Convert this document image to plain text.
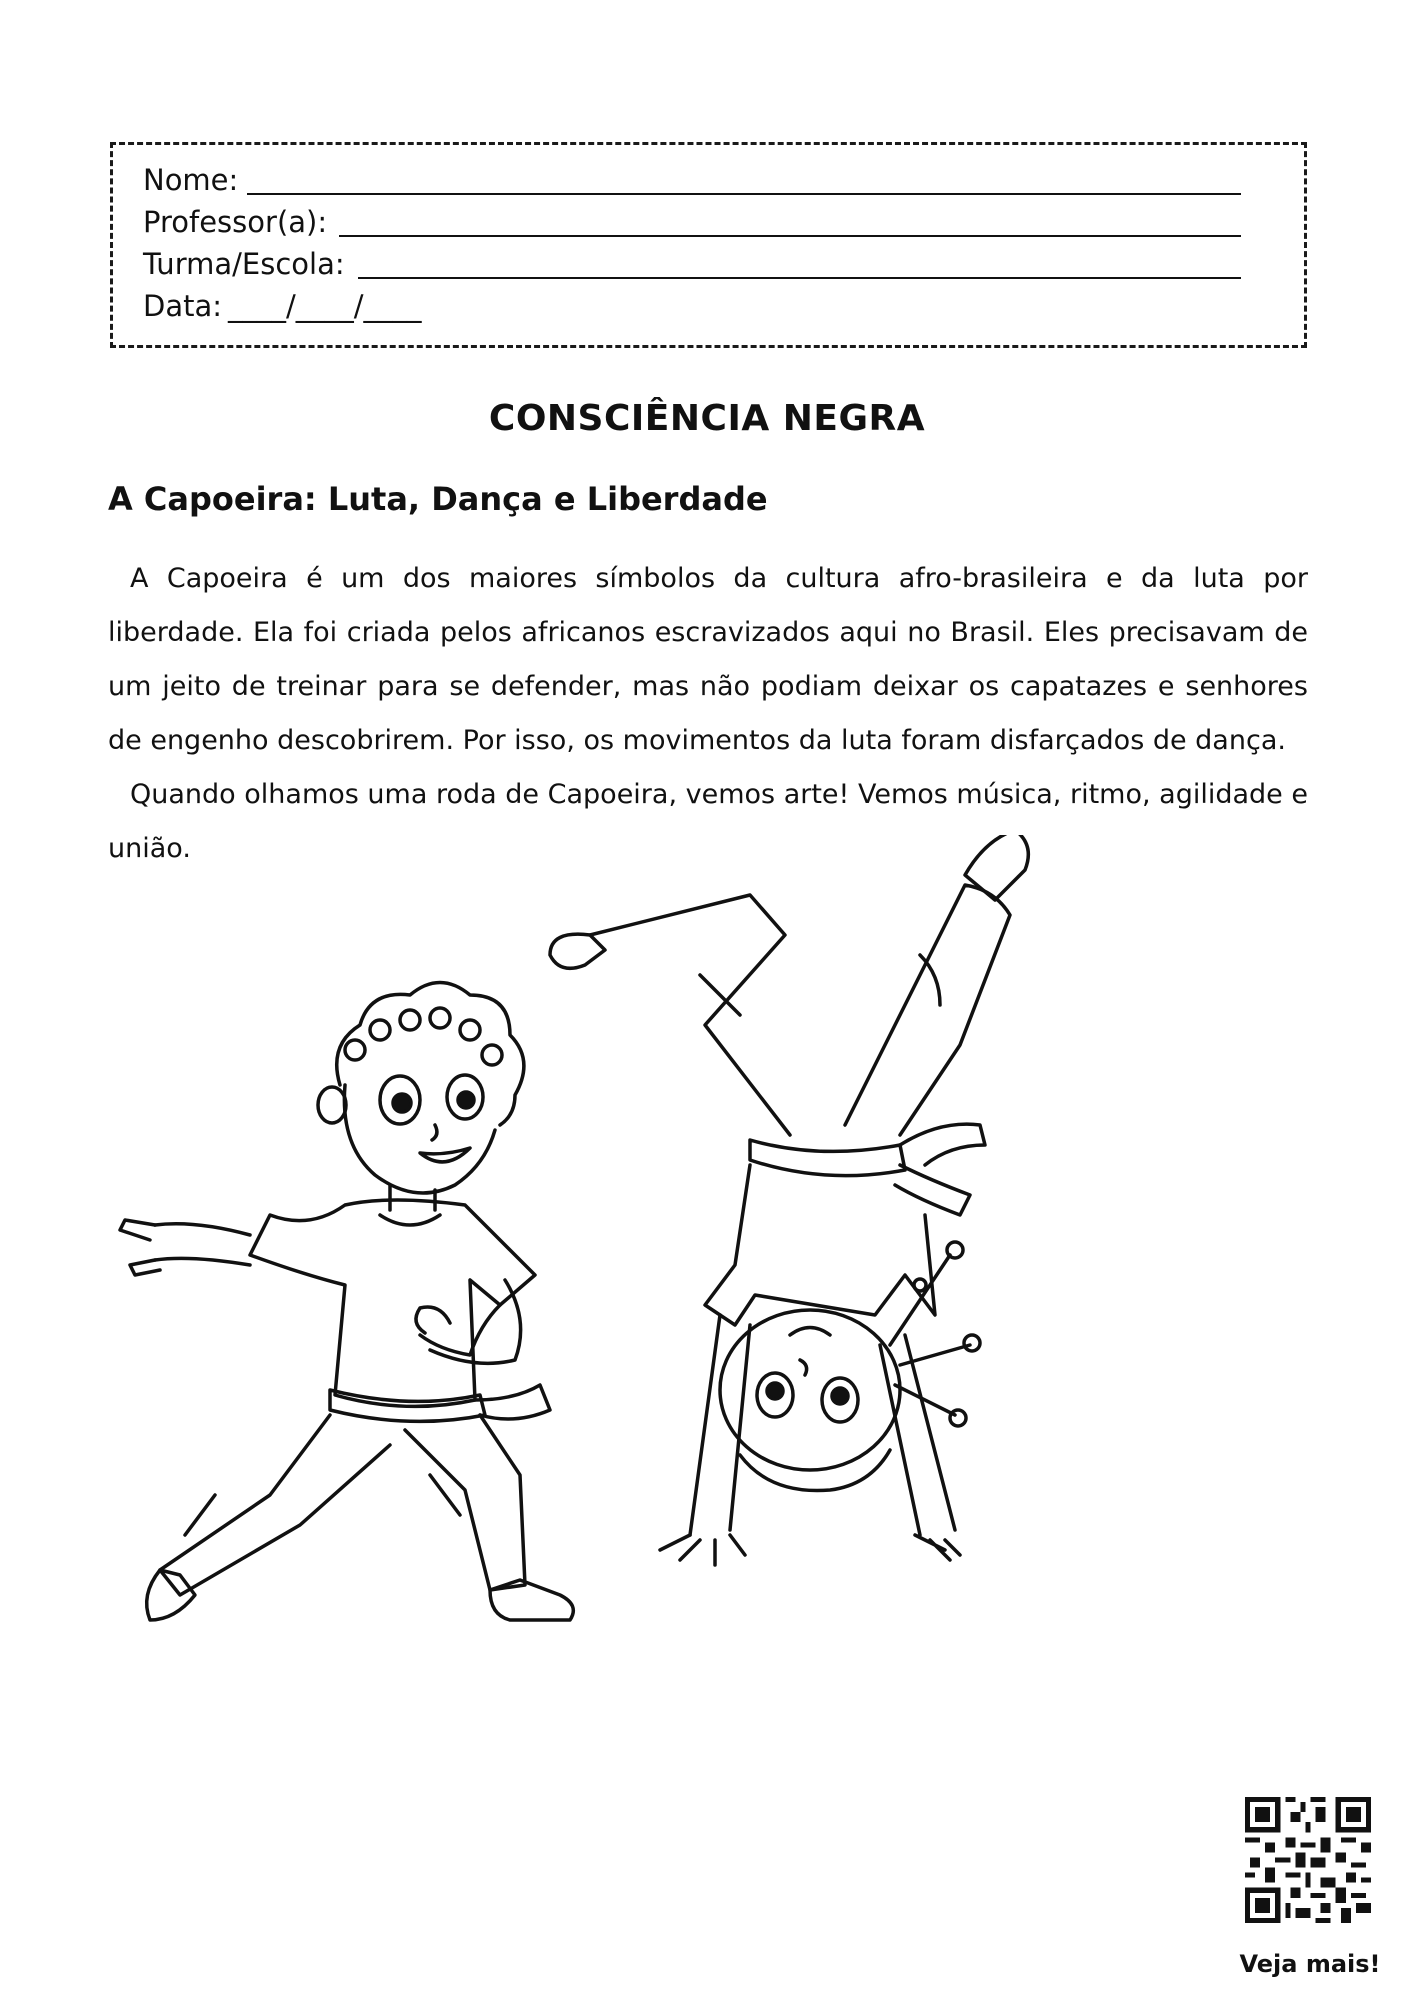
Nome:
Professor(a):
Turma/Escola:
Data: ____/____/____
CONSCIÊNCIA NEGRA
A Capoeira: Luta, Dança e Liberdade

A Capoeira é um dos maiores símbolos da cultura afro-brasileira e da luta por liberdade. Ela foi criada pelos africanos escravizados aqui no Brasil. Eles precisavam de um jeito de treinar para se defender, mas não podiam deixar os capatazes e senhores de engenho descobrirem. Por isso, os movimentos da luta foram disfarçados de dança.

Quando olhamos uma roda de Capoeira, vemos arte! Vemos música, ritmo, agilidade e união.

Veja mais!
